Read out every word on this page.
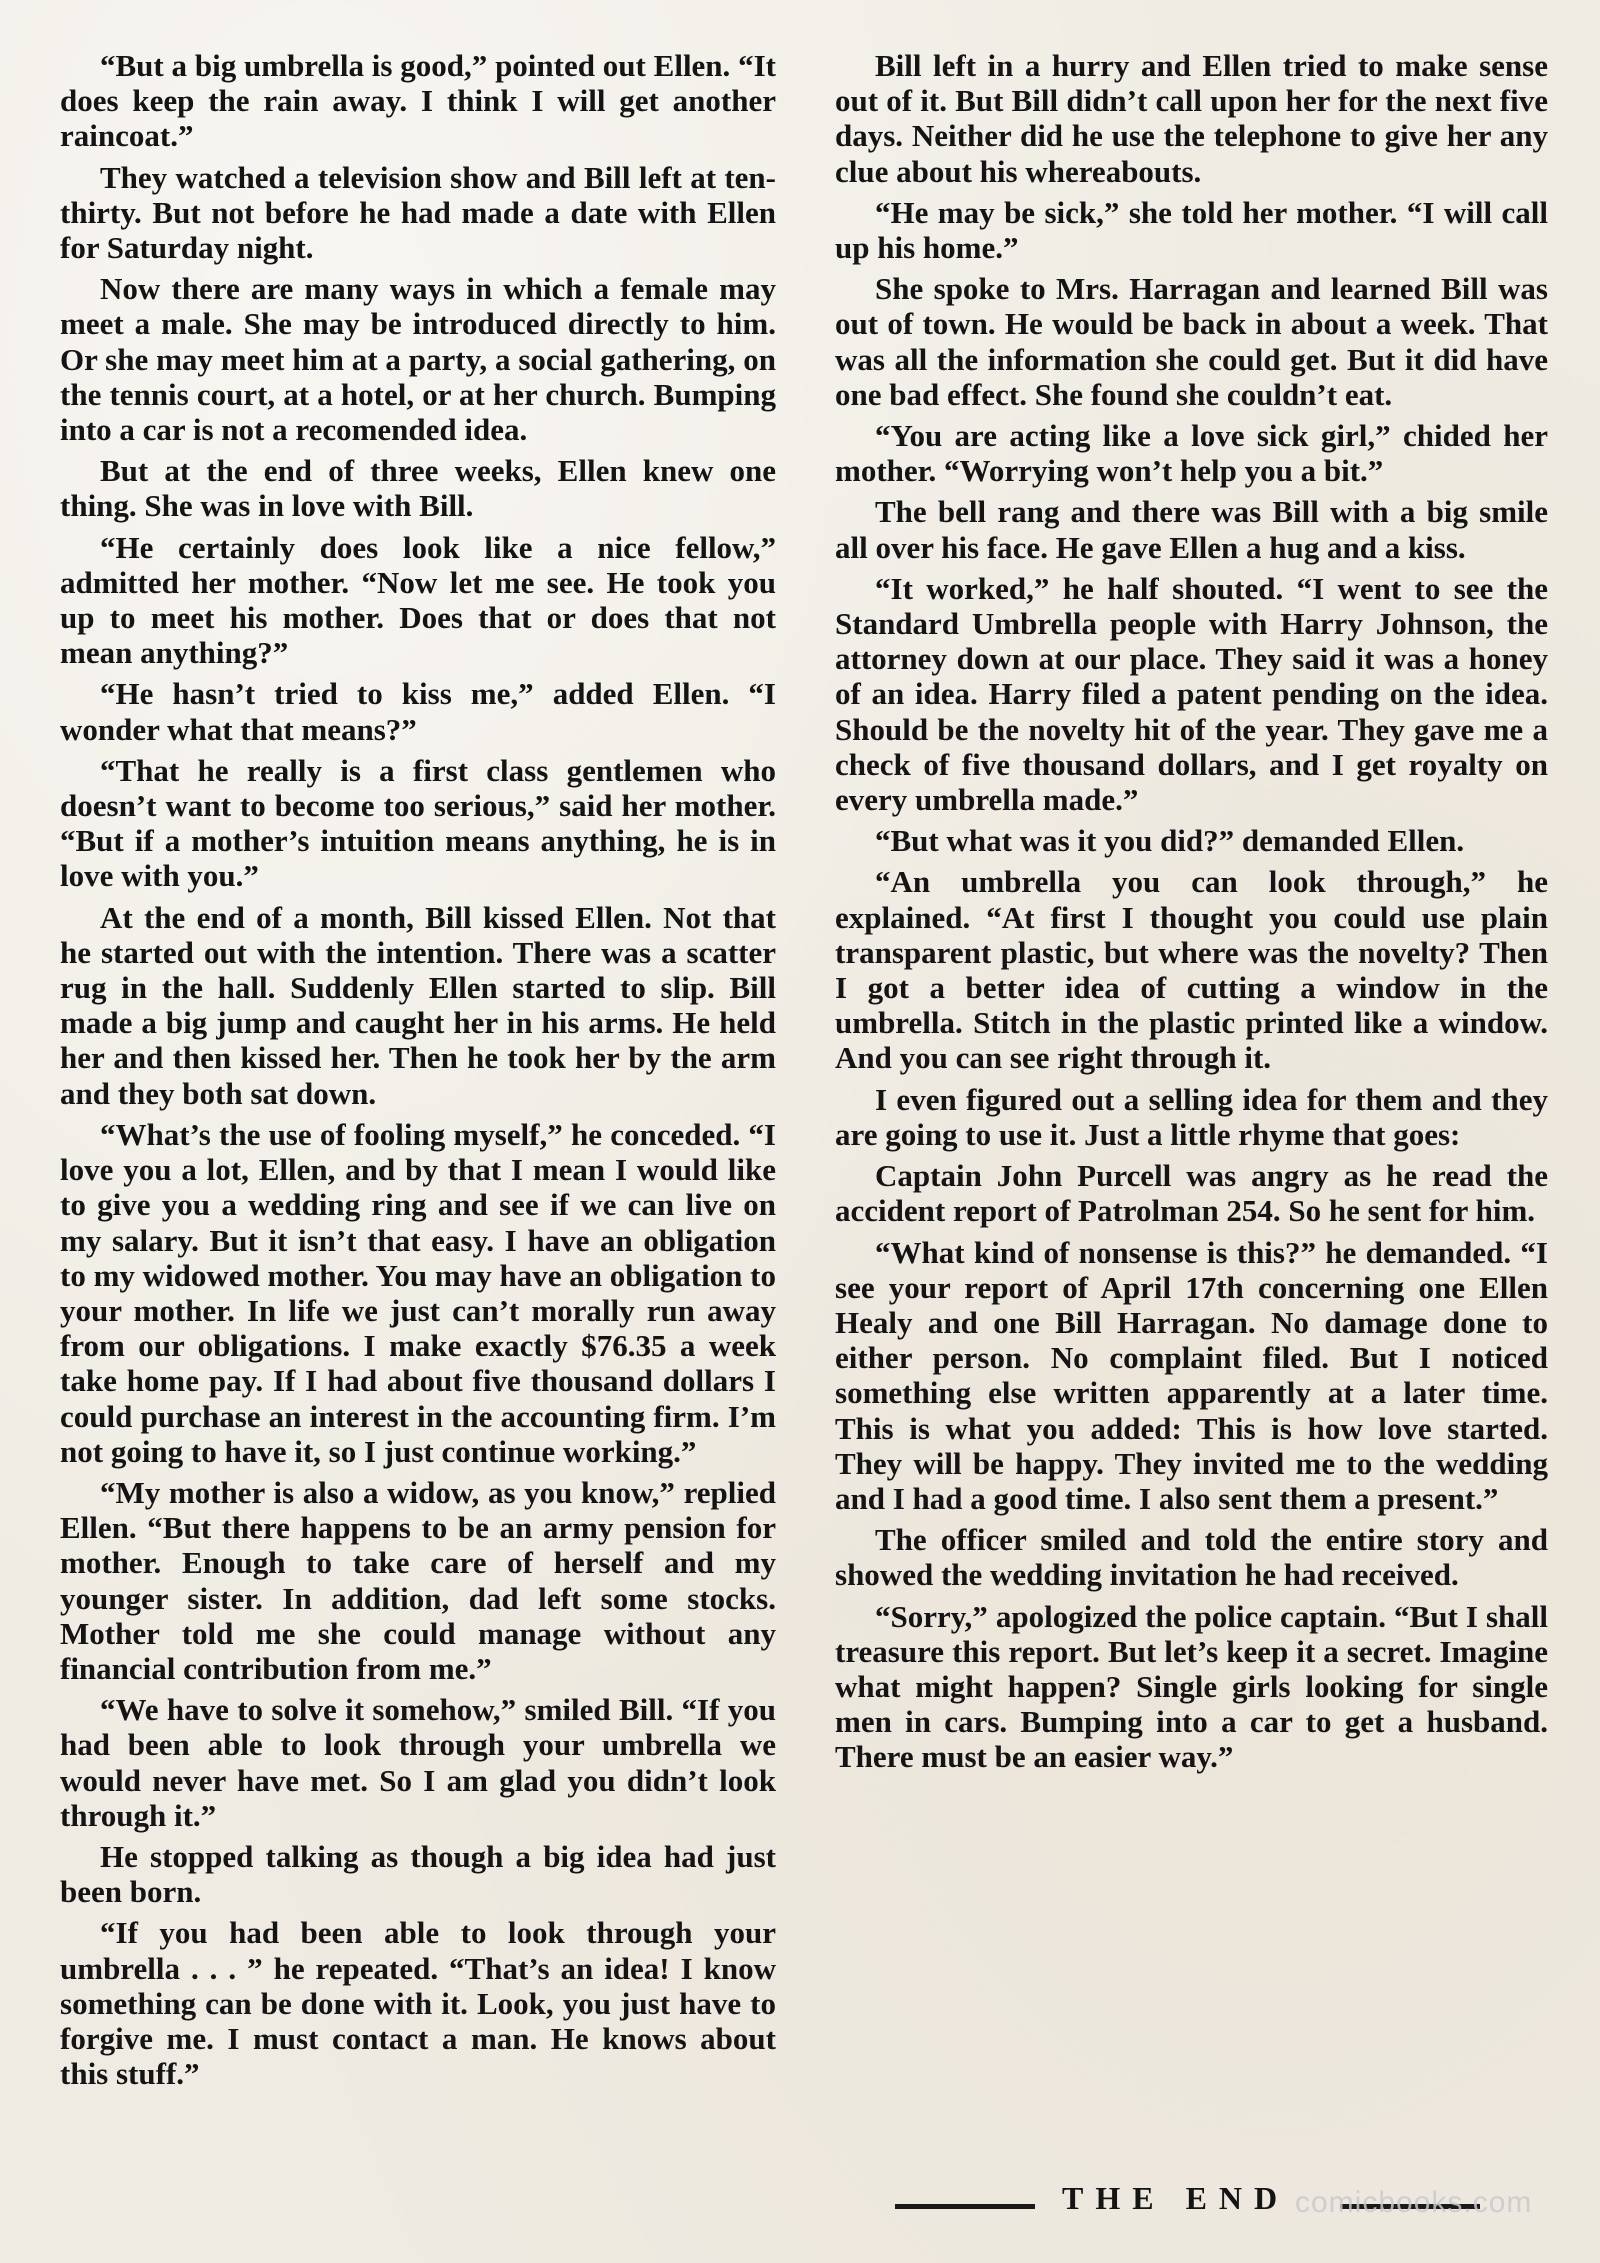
“But a big umbrella is good,” pointed out Ellen. “It does keep the rain away. I think I will get another raincoat.”

They watched a television show and Bill left at ten-thirty. But not before he had made a date with Ellen for Saturday night.

Now there are many ways in which a female may meet a male. She may be introduced directly to him. Or she may meet him at a party, a social gathering, on the tennis court, at a hotel, or at her church. Bumping into a car is not a recomended idea.

But at the end of three weeks, Ellen knew one thing. She was in love with Bill.

“He certainly does look like a nice fellow,” admitted her mother. “Now let me see. He took you up to meet his mother. Does that or does that not mean anything?”

“He hasn’t tried to kiss me,” added Ellen. “I wonder what that means?”

“That he really is a first class gentlemen who doesn’t want to become too serious,” said her mother. “But if a mother’s intuition means anything, he is in love with you.”

At the end of a month, Bill kissed Ellen. Not that he started out with the intention. There was a scatter rug in the hall. Suddenly Ellen started to slip. Bill made a big jump and caught her in his arms. He held her and then kissed her. Then he took her by the arm and they both sat down.

“What’s the use of fooling myself,” he conceded. “I love you a lot, Ellen, and by that I mean I would like to give you a wedding ring and see if we can live on my salary. But it isn’t that easy. I have an obligation to my widowed mother. You may have an obligation to your mother. In life we just can’t morally run away from our obligations. I make exactly $76.35 a week take home pay. If I had about five thousand dollars I could purchase an interest in the accounting firm. I’m not going to have it, so I just continue working.”

“My mother is also a widow, as you know,” replied Ellen. “But there happens to be an army pension for mother. Enough to take care of herself and my younger sister. In addition, dad left some stocks. Mother told me she could manage without any financial contribution from me.”

“We have to solve it somehow,” smiled Bill. “If you had been able to look through your umbrella we would never have met. So I am glad you didn’t look through it.”

He stopped talking as though a big idea had just been born.

“If you had been able to look through your umbrella . . . ” he repeated. “That’s an idea! I know something can be done with it. Look, you just have to forgive me. I must contact a man. He knows about this stuff.”

Bill left in a hurry and Ellen tried to make sense out of it. But Bill didn’t call upon her for the next five days. Neither did he use the telephone to give her any clue about his whereabouts.

“He may be sick,” she told her mother. “I will call up his home.”

She spoke to Mrs. Harragan and learned Bill was out of town. He would be back in about a week. That was all the information she could get. But it did have one bad effect. She found she couldn’t eat.

“You are acting like a love sick girl,” chided her mother. “Worrying won’t help you a bit.”

The bell rang and there was Bill with a big smile all over his face. He gave Ellen a hug and a kiss.

“It worked,” he half shouted. “I went to see the Standard Umbrella people with Harry Johnson, the attorney down at our place. They said it was a honey of an idea. Harry filed a patent pending on the idea. Should be the novelty hit of the year. They gave me a check of five thousand dollars, and I get royalty on every umbrella made.”

“But what was it you did?” demanded Ellen.

“An umbrella you can look through,” he explained. “At first I thought you could use plain transparent plastic, but where was the novelty? Then I got a better idea of cutting a window in the umbrella. Stitch in the plastic printed like a window. And you can see right through it.

I even figured out a selling idea for them and they are going to use it. Just a little rhyme that goes:

Captain John Purcell was angry as he read the accident report of Patrolman 254. So he sent for him.

“What kind of nonsense is this?” he demanded. “I see your report of April 17th concerning one Ellen Healy and one Bill Harragan. No damage done to either person. No complaint filed. But I noticed something else written apparently at a later time. This is what you added: This is how love started. They will be happy. They invited me to the wedding and I had a good time. I also sent them a present.”

The officer smiled and told the entire story and showed the wedding invitation he had received.

“Sorry,” apologized the police captain. “But I shall treasure this report. But let’s keep it a secret. Imagine what might happen? Single girls looking for single men in cars. Bumping into a car to get a husband. There must be an easier way.”

THE END comicbooks.com
